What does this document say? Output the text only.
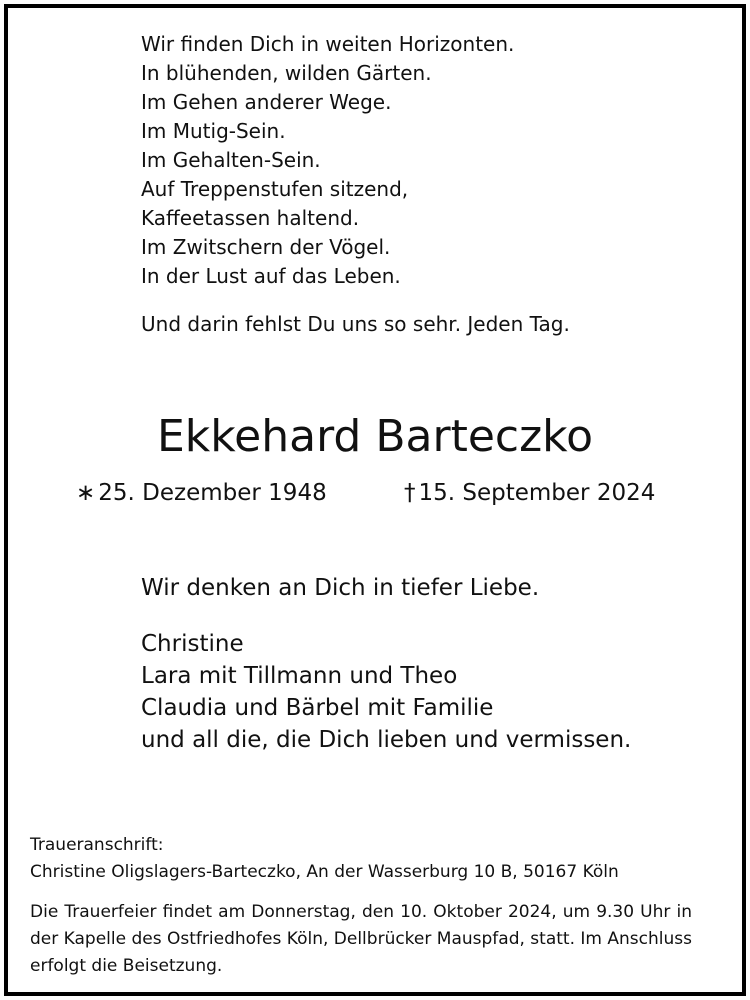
Wir finden Dich in weiten Horizonten.
In blühenden, wilden Gärten.
Im Gehen anderer Wege.
Im Mutig-Sein.
Im Gehalten-Sein.
Auf Treppenstufen sitzend,
Kaffeetassen haltend.
Im Zwitschern der Vögel.
In der Lust auf das Leben.
Und darin fehlst Du uns so sehr. Jeden Tag.
Ekkehard Barteczko
∗ 25. Dezember 1948	† 15. September 2024
Wir denken an Dich in tiefer Liebe.
Christine
Lara mit Tillmann und Theo
Claudia und Bärbel mit Familie
und all die, die Dich lieben und vermissen.
Traueranschrift:
Christine Oligslagers-Barteczko, An der Wasserburg 10 B, 50167 Köln
Die Trauerfeier findet am Donnerstag, den 10. Oktober 2024, um 9.30 Uhr in der Kapelle des Ostfriedhofes Köln, Dellbrücker Mauspfad, statt. Im Anschluss erfolgt die Beisetzung.
